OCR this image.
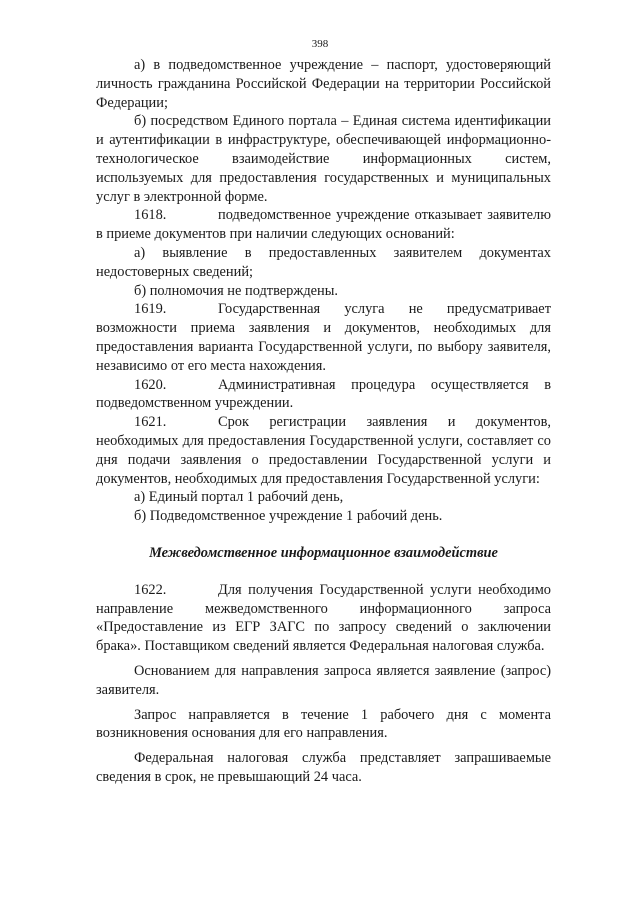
398

а) в подведомственное учреждение – паспорт, удостоверяющий личность гражданина Российской Федерации на территории Российской Федерации;

б) посредством Единого портала – Единая система идентификации и аутентификации в инфраструктуре, обеспечивающей информационно-технологическое взаимодействие информационных систем, используемых для предоставления государственных и муниципальных услуг в электронной форме.

1618.	подведомственное учреждение отказывает заявителю в приеме документов при наличии следующих оснований:

а) выявление в предоставленных заявителем документах недостоверных сведений;

б) полномочия не подтверждены.

1619.	Государственная услуга не предусматривает возможности приема заявления и документов, необходимых для предоставления варианта Государственной услуги, по выбору заявителя, независимо от его места нахождения.

1620.	Административная процедура осуществляется в подведомственном учреждении.

1621.	Срок регистрации заявления и документов, необходимых для предоставления Государственной услуги, составляет со дня подачи заявления о предоставлении Государственной услуги и документов, необходимых для предоставления Государственной услуги:

а) Единый портал 1 рабочий день,

б) Подведомственное учреждение 1 рабочий день.

Межведомственное информационное взаимодействие

1622.	Для получения Государственной услуги необходимо направление межведомственного информационного запроса «Предоставление из ЕГР ЗАГС по запросу сведений о заключении брака». Поставщиком сведений является Федеральная налоговая служба.

Основанием для направления запроса является заявление (запрос) заявителя.

Запрос направляется в течение 1 рабочего дня с момента возникновения основания для его направления.

Федеральная налоговая служба представляет запрашиваемые сведения в срок, не превышающий 24 часа.
